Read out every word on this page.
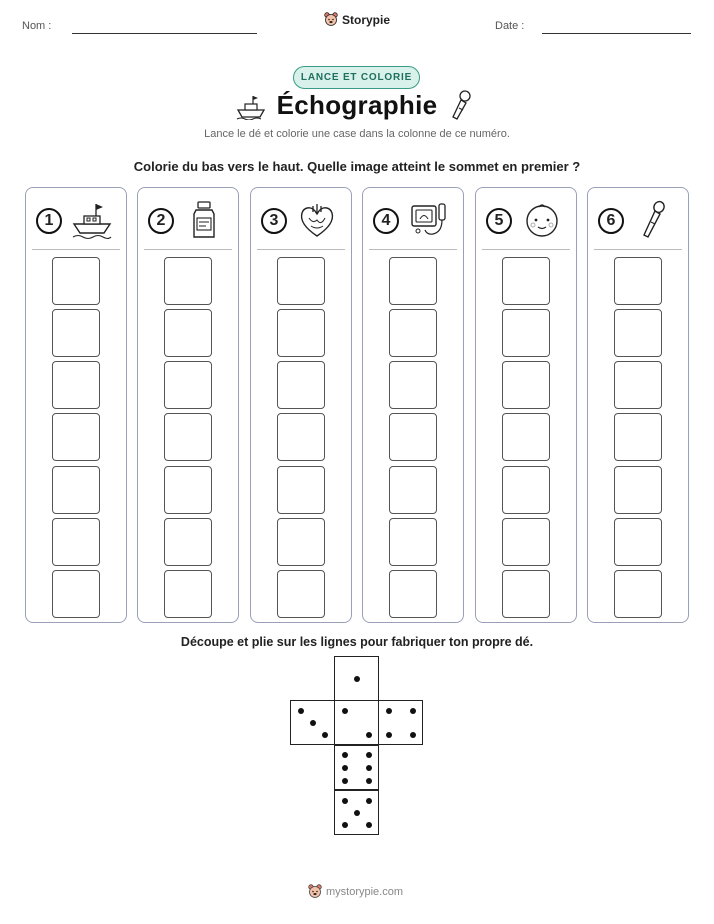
Nom :	Storypie	Date :
LANCE ET COLORIE
Échographie
Lance le dé et colorie une case dans la colonne de ce numéro.
Colorie du bas vers le haut. Quelle image atteint le sommet en premier ?
1	2	3	4	5	6
Découpe et plie sur les lignes pour fabriquer ton propre dé.
mystorypie.com
